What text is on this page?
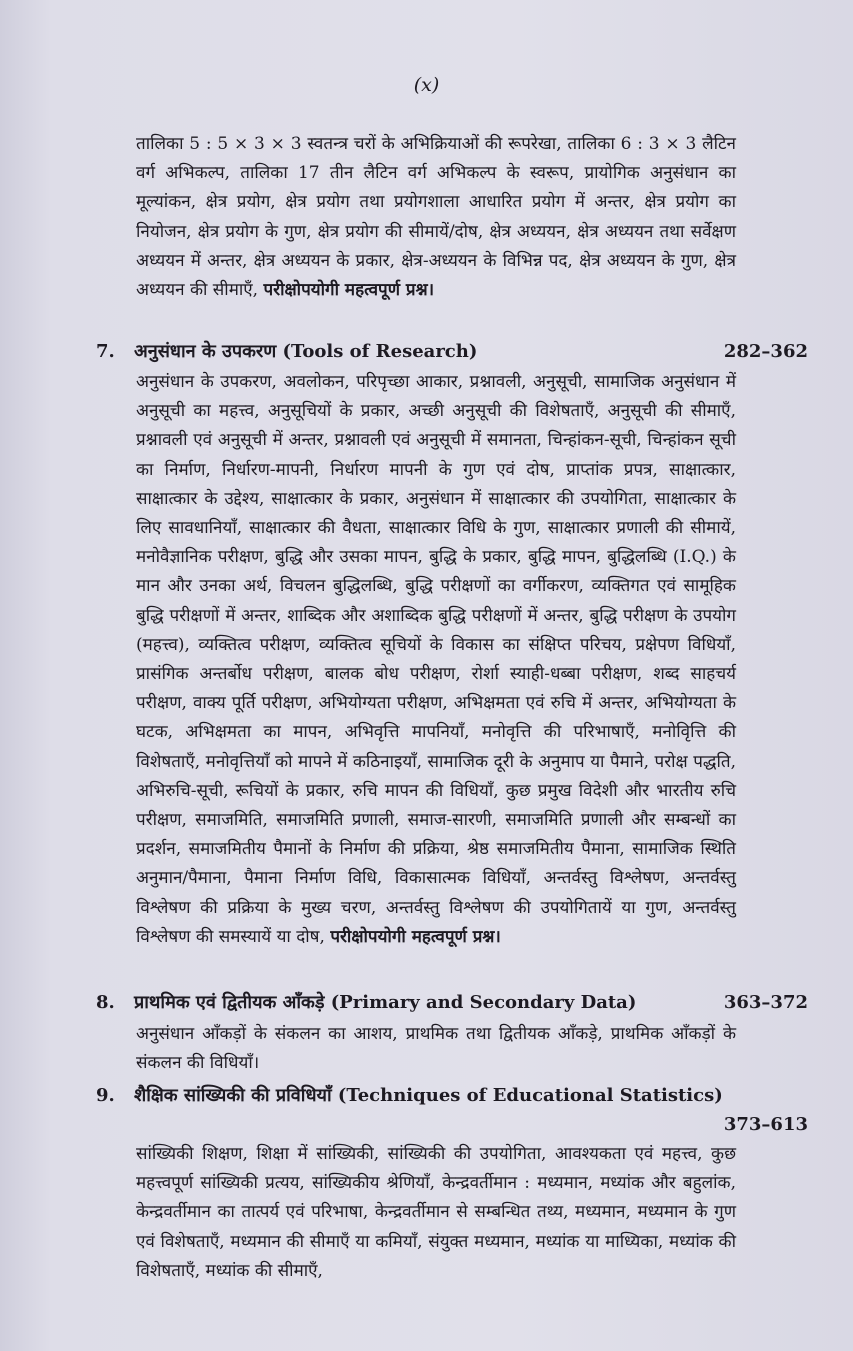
(x)

तालिका 5 : 5 × 3 × 3 स्वतन्त्र चरों के अभिक्रियाओं की रूपरेखा, तालिका 6 : 3 × 3 लैटिन वर्ग अभिकल्प, तालिका 17 तीन लैटिन वर्ग अभिकल्प के स्वरूप, प्रायोगिक अनुसंधान का मूल्यांकन, क्षेत्र प्रयोग, क्षेत्र प्रयोग तथा प्रयोगशाला आधारित प्रयोग में अन्तर, क्षेत्र प्रयोग का नियोजन, क्षेत्र प्रयोग के गुण, क्षेत्र प्रयोग की सीमायें/दोष, क्षेत्र अध्ययन, क्षेत्र अध्ययन तथा सर्वेक्षण अध्ययन में अन्तर, क्षेत्र अध्ययन के प्रकार, क्षेत्र-अध्ययन के विभिन्न पद, क्षेत्र अध्ययन के गुण, क्षेत्र अध्ययन की सीमाएँ, परीक्षोपयोगी महत्वपूर्ण प्रश्न।

7. अनुसंधान के उपकरण (Tools of Research)	282–362

अनुसंधान के उपकरण, अवलोकन, परिपृच्छा आकार, प्रश्नावली, अनुसूची, सामाजिक अनुसंधान में अनुसूची का महत्त्व, अनुसूचियों के प्रकार, अच्छी अनुसूची की विशेषताएँ, अनुसूची की सीमाएँ, प्रश्नावली एवं अनुसूची में अन्तर, प्रश्नावली एवं अनुसूची में समानता, चिन्हांकन-सूची, चिन्हांकन सूची का निर्माण, निर्धारण-मापनी, निर्धारण मापनी के गुण एवं दोष, प्राप्तांक प्रपत्र, साक्षात्कार, साक्षात्कार के उद्देश्य, साक्षात्कार के प्रकार, अनुसंधान में साक्षात्कार की उपयोगिता, साक्षात्कार के लिए सावधानियाँ, साक्षात्कार की वैधता, साक्षात्कार विधि के गुण, साक्षात्कार प्रणाली की सीमायें, मनोवैज्ञानिक परीक्षण, बुद्धि और उसका मापन, बुद्धि के प्रकार, बुद्धि मापन, बुद्धिलब्धि (I.Q.) के मान और उनका अर्थ, विचलन बुद्धिलब्धि, बुद्धि परीक्षणों का वर्गीकरण, व्यक्तिगत एवं सामूहिक बुद्धि परीक्षणों में अन्तर, शाब्दिक और अशाब्दिक बुद्धि परीक्षणों में अन्तर, बुद्धि परीक्षण के उपयोग (महत्त्व), व्यक्तित्व परीक्षण, व्यक्तित्व सूचियों के विकास का संक्षिप्त परिचय, प्रक्षेपण विधियाँ, प्रासंगिक अन्तर्बोध परीक्षण, बालक बोध परीक्षण, रोर्शा स्याही-धब्बा परीक्षण, शब्द साहचर्य परीक्षण, वाक्य पूर्ति परीक्षण, अभियोग्यता परीक्षण, अभिक्षमता एवं रुचि में अन्तर, अभियोग्यता के घटक, अभिक्षमता का मापन, अभिवृत्ति मापनियाँ, मनोवृत्ति की परिभाषाएँ, मनोवृित्ति की विशेषताएँ, मनोवृत्तियाँ को मापने में कठिनाइयाँ, सामाजिक दूरी के अनुमाप या पैमाने, परोक्ष पद्धति, अभिरुचि-सूची, रूचियों के प्रकार, रुचि मापन की विधियाँ, कुछ प्रमुख विदेशी और भारतीय रुचि परीक्षण, समाजमिति, समाजमिति प्रणाली, समाज-सारणी, समाजमिति प्रणाली और सम्बन्धों का प्रदर्शन, समाजमितीय पैमानों के निर्माण की प्रक्रिया, श्रेष्ठ समाजमितीय पैमाना, सामाजिक स्थिति अनुमान/पैमाना, पैमाना निर्माण विधि, विकासात्मक विधियाँ, अन्तर्वस्तु विश्लेषण, अन्तर्वस्तु विश्लेषण की प्रक्रिया के मुख्य चरण, अन्तर्वस्तु विश्लेषण की उपयोगितायें या गुण, अन्तर्वस्तु विश्लेषण की समस्यायें या दोष, परीक्षोपयोगी महत्वपूर्ण प्रश्न।

8. प्राथमिक एवं द्वितीयक आँकड़े (Primary and Secondary Data)	363–372

अनुसंधान आँकड़ों के संकलन का आशय, प्राथमिक तथा द्वितीयक आँकड़े, प्राथमिक आँकड़ों के संकलन की विधियाँ।

9. शैक्षिक सांख्यिकी की प्रविधियाँ (Techniques of Educational Statistics)
373–613

सांख्यिकी शिक्षण, शिक्षा में सांख्यिकी, सांख्यिकी की उपयोगिता, आवश्यकता एवं महत्त्व, कुछ महत्त्वपूर्ण सांख्यिकी प्रत्यय, सांख्यिकीय श्रेणियाँ, केन्द्रवर्तीमान : मध्यमान, मध्यांक और बहुलांक, केन्द्रवर्तीमान का तात्पर्य एवं परिभाषा, केन्द्रवर्तीमान से सम्बन्धित तथ्य, मध्यमान, मध्यमान के गुण एवं विशेषताएँ, मध्यमान की सीमाएँ या कमियाँ, संयुक्त मध्यमान, मध्यांक या माध्यिका, मध्यांक की विशेषताएँ, मध्यांक की सीमाएँ,
